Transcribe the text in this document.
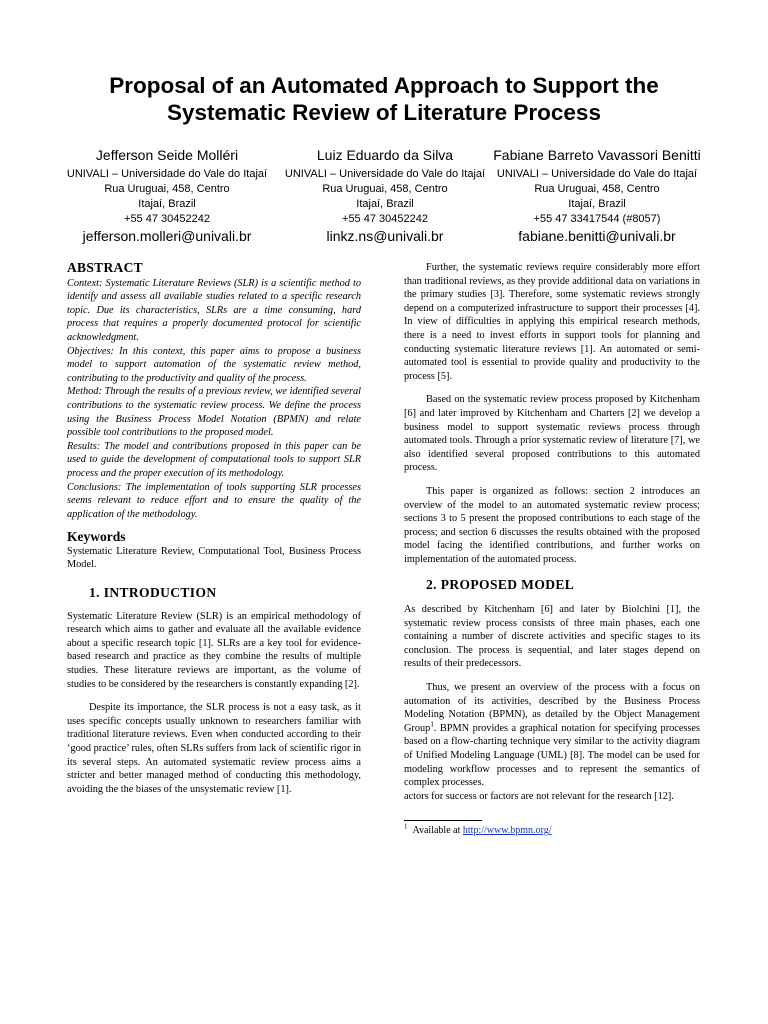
Proposal of an Automated Approach to Support the
Systematic Review of Literature Process
Jefferson Seide Molléri
UNIVALI – Universidade do Vale do Itajaí
Rua Uruguai, 458, Centro
Itajaí, Brazil
+55 47 30452242
jefferson.molleri@univali.br
Luiz Eduardo da Silva
UNIVALI – Universidade do Vale do Itajaí
Rua Uruguai, 458, Centro
Itajaí, Brazil
+55 47 30452242
linkz.ns@univali.br
Fabiane Barreto Vavassori Benitti
UNIVALI – Universidade do Vale do Itajaí
Rua Uruguai, 458, Centro
Itajaí, Brazil
+55 47 33417544 (#8057)
fabiane.benitti@univali.br
ABSTRACT

Context: Systematic Literature Reviews (SLR) is a scientific method to identify and assess all available studies related to a specific research topic. Due its characteristics, SLRs are a time consuming, hard process that requires a properly documented protocol for scientific acknowledgment.

Objectives: In this context, this paper aims to propose a business model to support automation of the systematic review method, contributing to the productivity and quality of the process.

Method: Through the results of a previous review, we identified several contributions to the systematic review process. We define the process using the Business Process Model Notation (BPMN) and relate possible tool contributions to the proposed model.

Results: The model and contributions proposed in this paper can be used to guide the development of computational tools to support SLR process and the proper execution of its methodology.

Conclusions: The implementation of tools supporting SLR processes seems relevant to reduce effort and to ensure the quality of the application of the methodology.

Keywords

Systematic Literature Review, Computational Tool, Business Process Model.

1. INTRODUCTION

Systematic Literature Review (SLR) is an empirical methodology of research which aims to gather and evaluate all the available evidence about a specific research topic [1]. SLRs are a key tool for evidence-based research and practice as they combine the results of multiple studies. These literature reviews are important, as the volume of studies to be considered by the researchers is constantly expanding [2].

Despite its importance, the SLR process is not a easy task, as it uses specific concepts usually unknown to researchers familiar with traditional literature reviews. Even when conducted according to their ‘good practice’ rules, often SLRs suffers from lack of scientific rigor in its several steps. An automated systematic review process aims a stricter and better managed method of conducting this methodology, avoiding the the biases of the unsystematic review [1].

Further, the systematic reviews require considerably more effort than traditional reviews, as they provide additional data on variations in the primary studies [3]. Therefore, some systematic reviews strongly depend on a computerized infrastructure to support their processes [4]. In view of difficulties in applying this empirical research methods, there is a need to invest efforts in support tools for planning and conducting systematic literature reviews [1]. An automated or semi-automated tool is essential to provide quality and productivity to the process [5].

Based on the systematic review process proposed by Kitchenham [6] and later improved by Kitchenham and Charters [2] we develop a business model to support systematic reviews process through automated tools. Through a prior systematic review of literature [7], we also identified several proposed contributions to this automated process.

This paper is organized as follows: section 2 introduces an overview of the model to an automated systematic review process; sections 3 to 5 present the proposed contributions to each stage of the process; and section 6 discusses the results obtained with the proposed model facing the identified contributions, and further works on implementation of the automated process.

2. PROPOSED MODEL

As described by Kitchenham [6] and later by Biolchini [1], the systematic review process consists of three main phases, each one containing a number of discrete activities and specific stages to its conclusion. The process is sequential, and later stages depend on results of their predecessors.

Thus, we present an overview of the process with a focus on automation of its activities, described by the Business Process Modeling Notation (BPMN), as detailed by the Object Management Group$^1$. BPMN provides a graphical notation for specifying processes based on a flow-charting technique very similar to the activity diagram of Unified Modeling Language (UML) [8]. The model can be used for modeling workflow processes and to represent the semantics of complex processes.

actors for success or factors are not relevant for the research [12].

$^1$ Available at http://www.bpmn.org/
